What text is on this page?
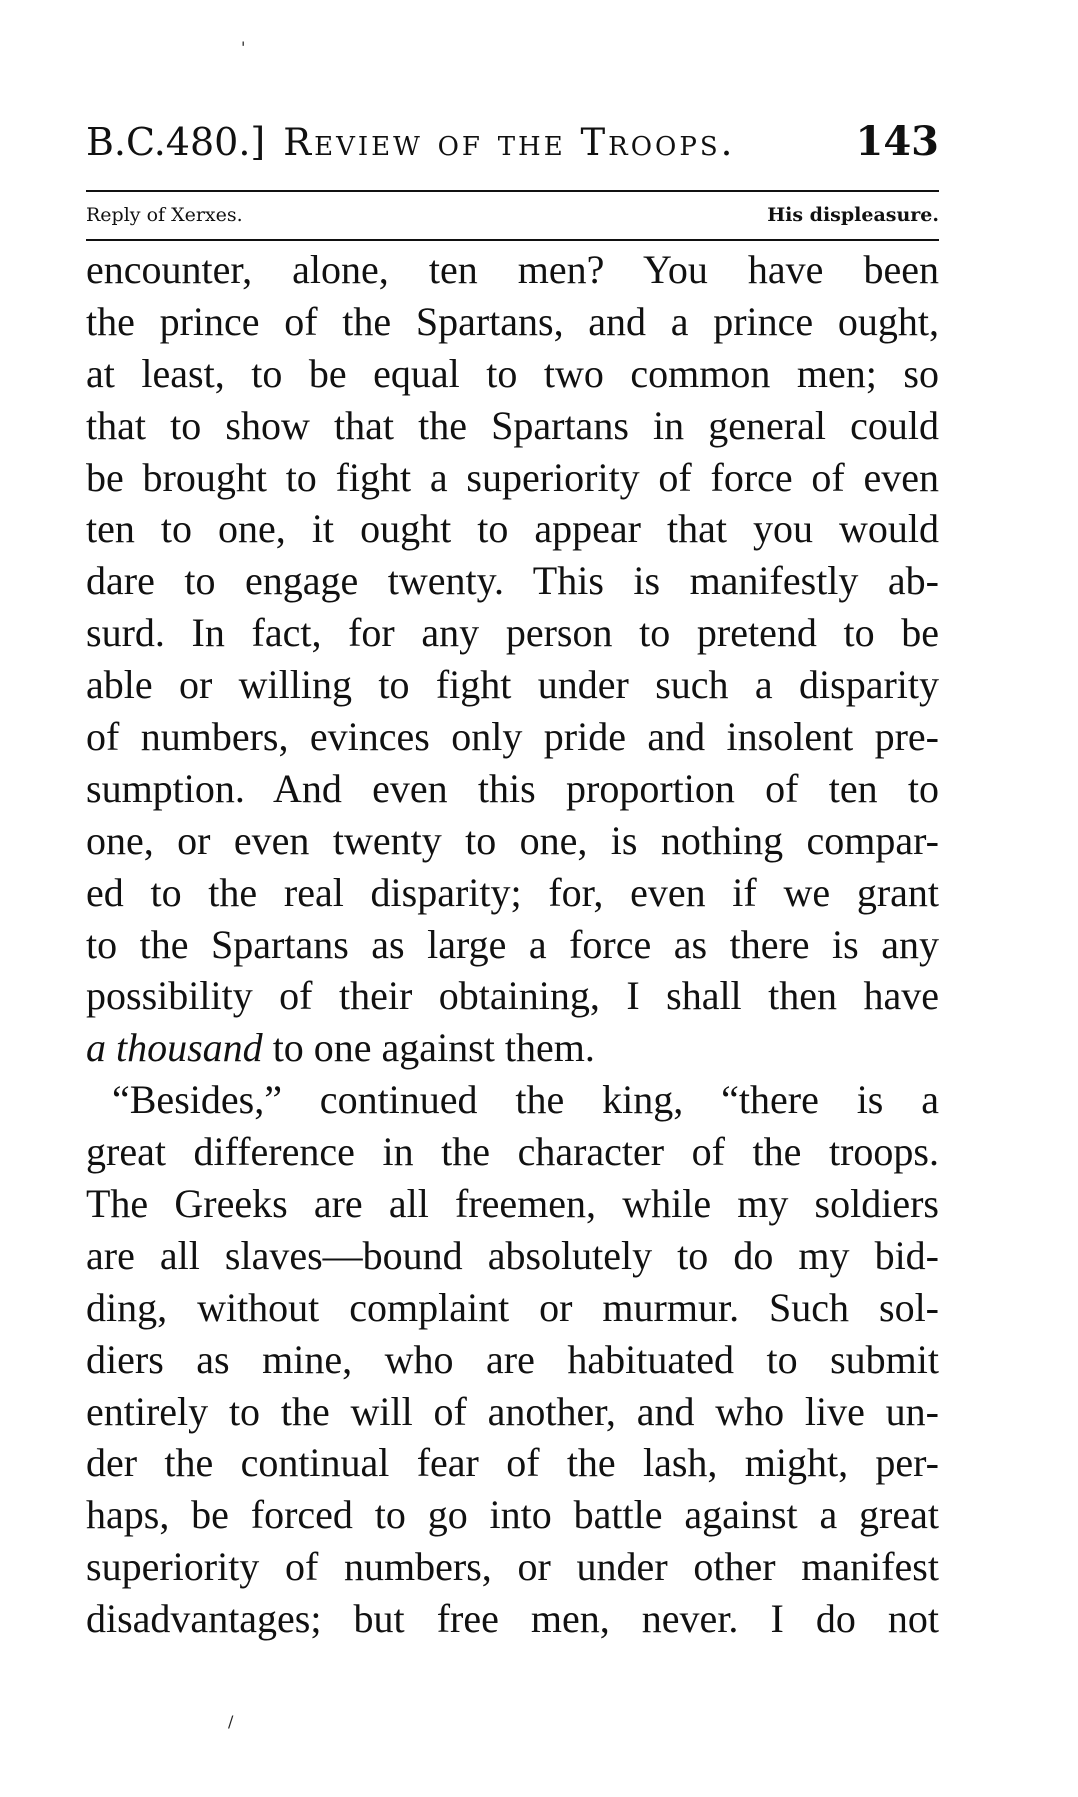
'
B.C.480.] Review of the Troops.	143
Reply of Xerxes.	His displeasure.
encounter, alone, ten men? You have been
the prince of the Spartans, and a prince ought,
at least, to be equal to two common men; so
that to show that the Spartans in general could
be brought to fight a superiority of force of even
ten to one, it ought to appear that you would
dare to engage twenty. This is manifestly ab-
surd. In fact, for any person to pretend to be
able or willing to fight under such a disparity
of numbers, evinces only pride and insolent pre-
sumption. And even this proportion of ten to
one, or even twenty to one, is nothing compar-
ed to the real disparity; for, even if we grant
to the Spartans as large a force as there is any
possibility of their obtaining, I shall then have
a thousand to one against them.
“Besides,” continued the king, “there is a
great difference in the character of the troops.
The Greeks are all freemen, while my soldiers
are all slaves—bound absolutely to do my bid-
ding, without complaint or murmur. Such sol-
diers as mine, who are habituated to submit
entirely to the will of another, and who live un-
der the continual fear of the lash, might, per-
haps, be forced to go into battle against a great
superiority of numbers, or under other manifest
disadvantages; but free men, never. I do not
/
